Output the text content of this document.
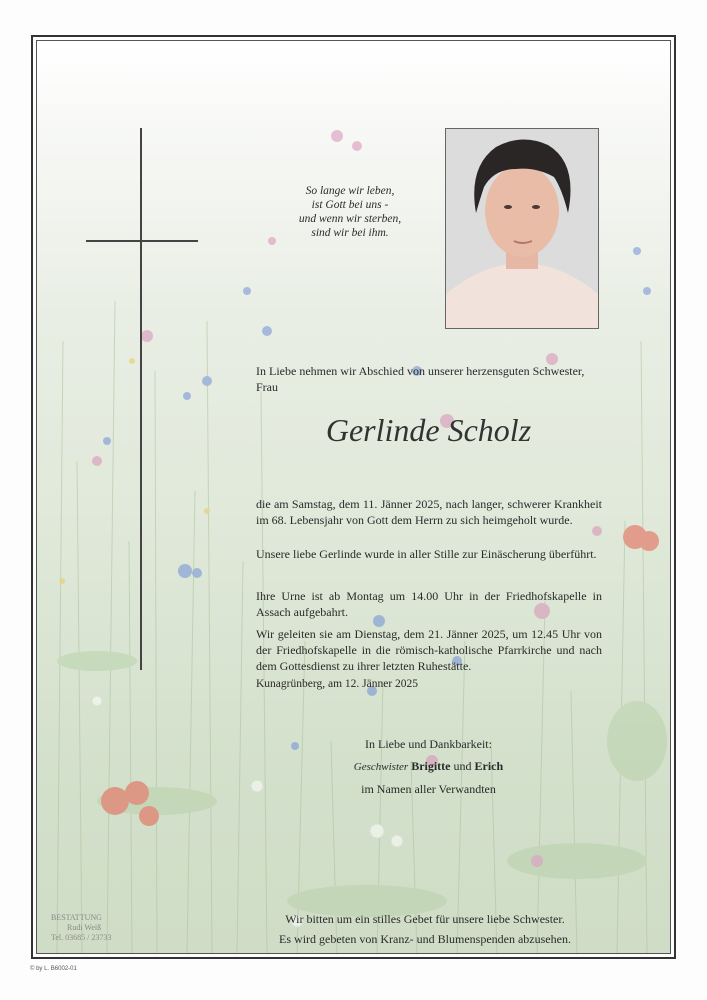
So lange wir leben,
ist Gott bei uns -
und wenn wir sterben,
sind wir bei ihm.
In Liebe nehmen wir Abschied von unserer herzensguten Schwester,
Frau
Gerlinde Scholz
die am Samstag, dem 11. Jänner 2025, nach langer, schwerer Krankheit im 68. Lebensjahr von Gott dem Herrn zu sich heimgeholt wurde.
Unsere liebe Gerlinde wurde in aller Stille zur Einäscherung überführt.
Ihre Urne ist ab Montag um 14.00 Uhr in der Friedhofskapelle in Assach aufgebahrt.
Wir geleiten sie am Dienstag, dem 21. Jänner 2025, um 12.45 Uhr von der Friedhofskapelle in die römisch-katholische Pfarrkirche und nach dem Gottesdienst zu ihrer letzten Ruhestätte.
Kunagrünberg, am 12. Jänner 2025
In Liebe und Dankbarkeit:
Geschwister Brigitte und Erich
im Namen aller Verwandten
Wir bitten um ein stilles Gebet für unsere liebe Schwester.
Es wird gebeten von Kranz- und Blumenspenden abzusehen.
BESTATTUNG
Rudi Weiß
Tel. 03685 / 23733
© by L. B6002-01
